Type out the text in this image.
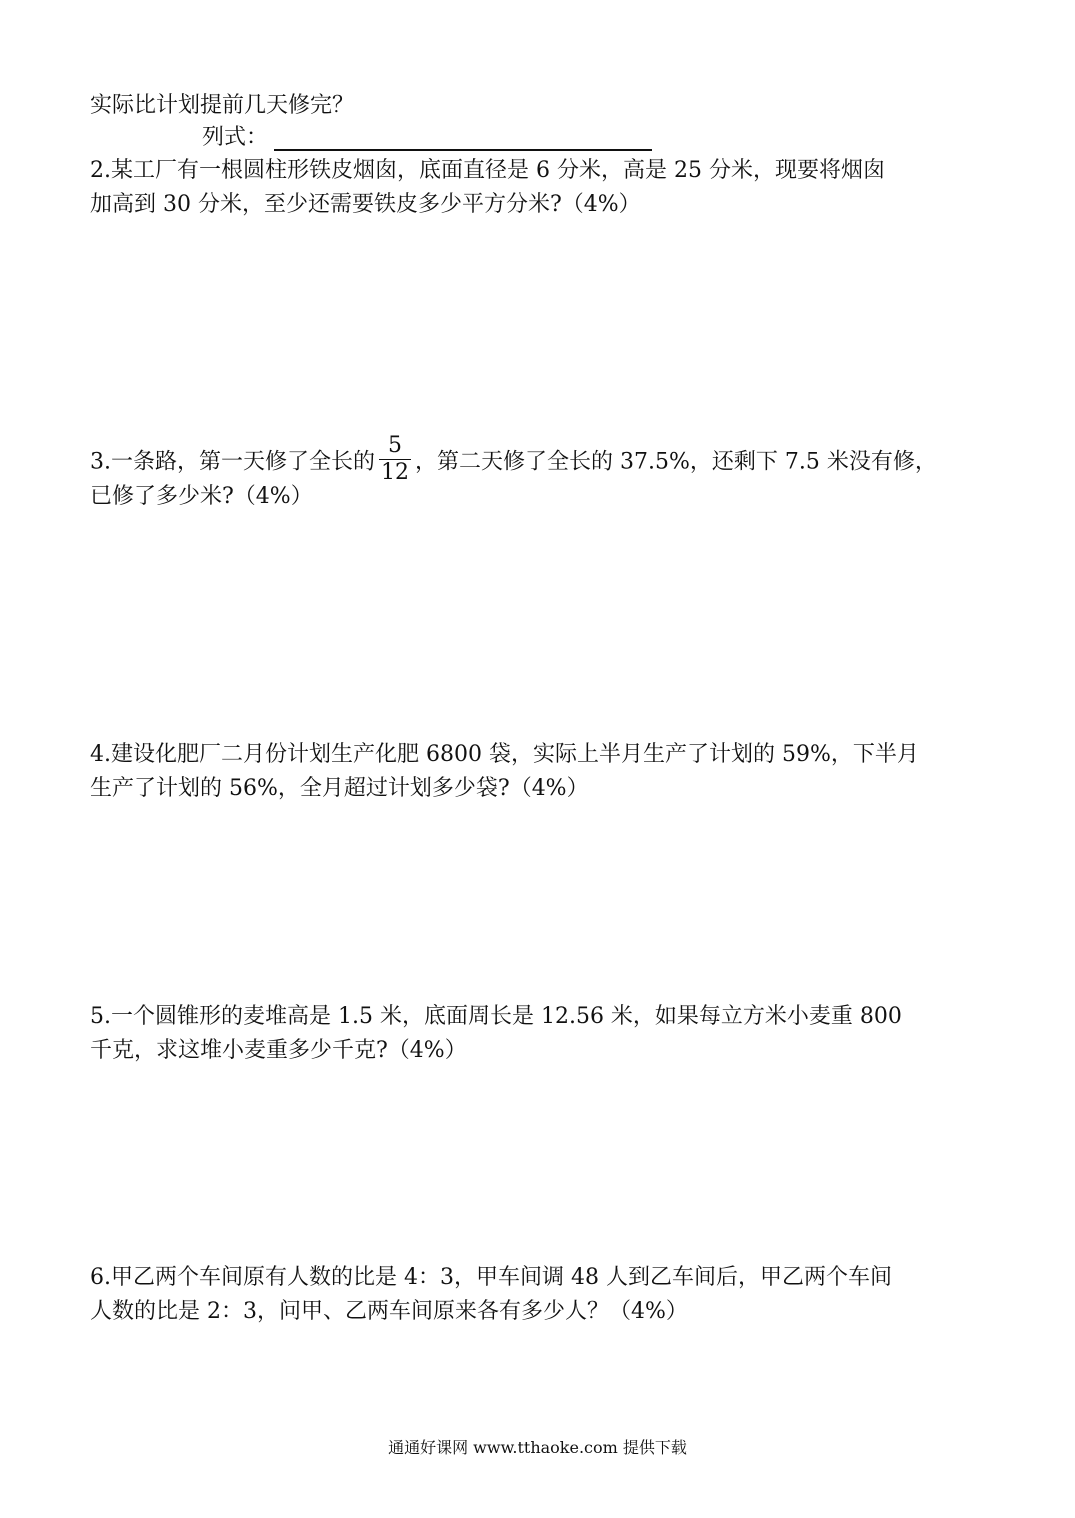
实际比计划提前几天修完？
列式：
2.某工厂有一根圆柱形铁皮烟囱，底面直径是 6 分米，高是 25 分米，现要将烟囱
加高到 30 分米，至少还需要铁皮多少平方分米?（4%）
3.一条路，第一天修了全长的 $\frac{5}{12}$ ，第二天修了全长的 37.5%，还剩下 7.5 米没有修，
已修了多少米?（4%）
4.建设化肥厂二月份计划生产化肥 6800 袋，实际上半月生产了计划的 59%，下半月
生产了计划的 56%，全月超过计划多少袋?（4%）
5.一个圆锥形的麦堆高是 1.5 米，底面周长是 12.56 米，如果每立方米小麦重 800
千克，求这堆小麦重多少千克?（4%）
6.甲乙两个车间原有人数的比是 4：3，甲车间调 48 人到乙车间后，甲乙两个车间
人数的比是 2：3，问甲、乙两车间原来各有多少人？（4%）
通通好课网 www.tthaoke.com 提供下载
